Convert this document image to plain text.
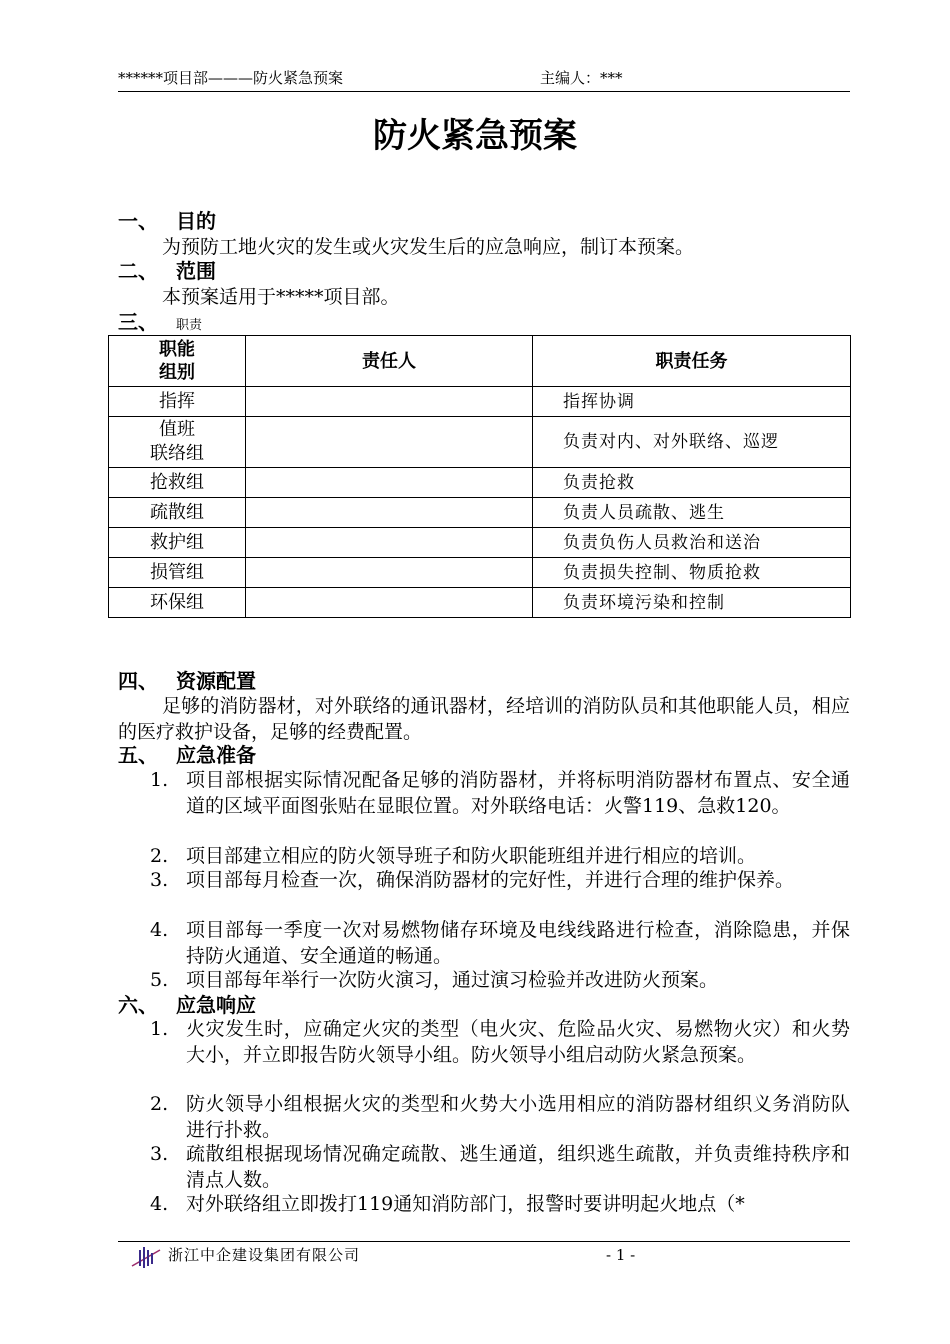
******项目部———防火紧急预案	主编人：***
防火紧急预案
一、 目的
为预防工地火灾的发生或火灾发生后的应急响应，制订本预案。
二、 范围
本预案适用于*****项目部。
三、 职责
职能
组别	责任人	职责任务
指挥		指挥协调
值班
联络组		负责对内、对外联络、巡逻
抢救组		负责抢救
疏散组		负责人员疏散、逃生
救护组		负责负伤人员救治和送治
损管组		负责损失控制、物质抢救
环保组		负责环境污染和控制
四、 资源配置
足够的消防器材，对外联络的通讯器材，经培训的消防队员和其他职能人员，相应的医疗救护设备，足够的经费配置。
五、 应急准备
1. 项目部根据实际情况配备足够的消防器材，并将标明消防器材布置点、安全通道的区域平面图张贴在显眼位置。对外联络电话：火警119、急救120。
2. 项目部建立相应的防火领导班子和防火职能班组并进行相应的培训。
3. 项目部每月检查一次，确保消防器材的完好性，并进行合理的维护保养。
4. 项目部每一季度一次对易燃物储存环境及电线线路进行检查，消除隐患，并保持防火通道、安全通道的畅通。
5. 项目部每年举行一次防火演习，通过演习检验并改进防火预案。
六、 应急响应
1. 火灾发生时，应确定火灾的类型（电火灾、危险品火灾、易燃物火灾）和火势大小，并立即报告防火领导小组。防火领导小组启动防火紧急预案。
2. 防火领导小组根据火灾的类型和火势大小选用相应的消防器材组织义务消防队进行扑救。
3. 疏散组根据现场情况确定疏散、逃生通道，组织逃生疏散，并负责维持秩序和清点人数。
4. 对外联络组立即拨打119通知消防部门，报警时要讲明起火地点（*
浙江中企建设集团有限公司	- 1 -
